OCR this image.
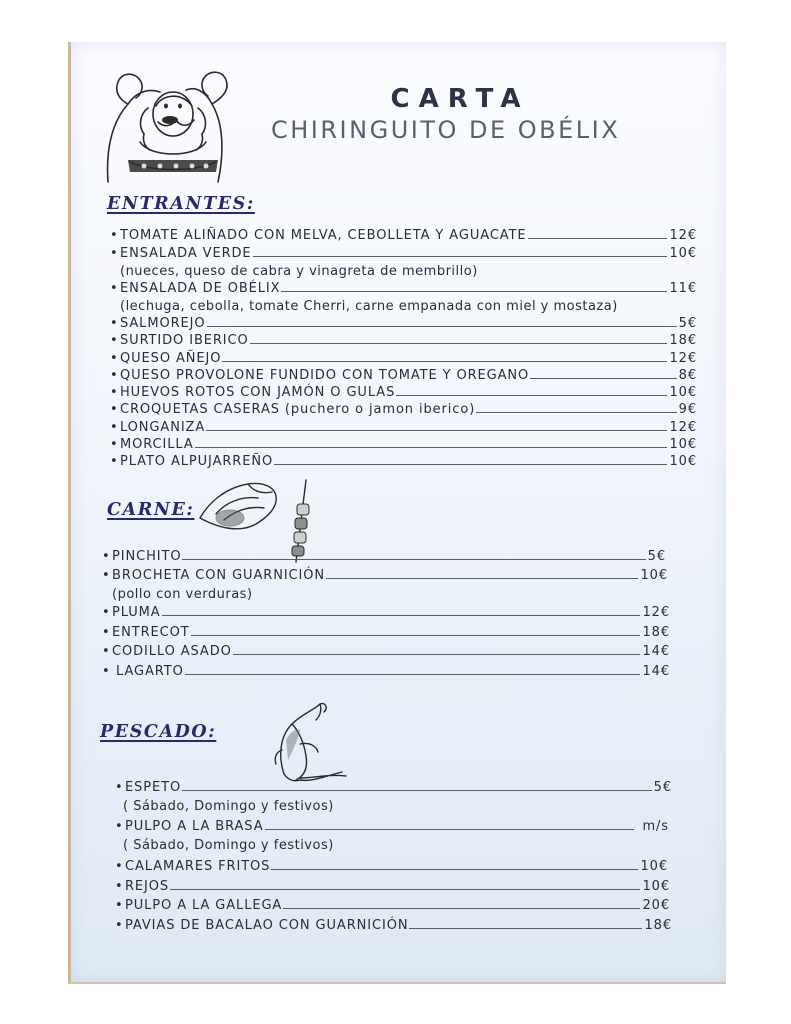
CARTA
CHIRINGUITO DE OBÉLIX
ENTRANTES:
• TOMATE ALIÑADO CON MELVA, CEBOLLETA Y AGUACATE	12€
• ENSALADA VERDE	10€
(nueces, queso de cabra y vinagreta de membrillo)
• ENSALADA DE OBÉLIX	11€
(lechuga, cebolla, tomate Cherri, carne empanada con miel y mostaza)
• SALMOREJO	5€
• SURTIDO IBERICO	18€
• QUESO AÑEJO	12€
• QUESO PROVOLONE FUNDIDO CON TOMATE Y OREGANO	8€
• HUEVOS ROTOS CON JAMÓN O GULAS	10€
• CROQUETAS CASERAS (puchero o jamon iberico)	9€
• LONGANIZA	12€
• MORCILLA	10€
• PLATO ALPUJARREÑO	10€
CARNE:
• PINCHITO	5€
• BROCHETA CON GUARNICIÓN	10€
(pollo con verduras)
• PLUMA	12€
• ENTRECOT	18€
• CODILLO ASADO	14€
• LAGARTO	14€
PESCADO:
• ESPETO	5€
( Sábado, Domingo y festivos)
• PULPO A LA BRASA	m/s
( Sábado, Domingo y festivos)
• CALAMARES FRITOS	10€
• REJOS	10€
• PULPO A LA GALLEGA	20€
• PAVIAS DE BACALAO CON GUARNICIÓN	18€
